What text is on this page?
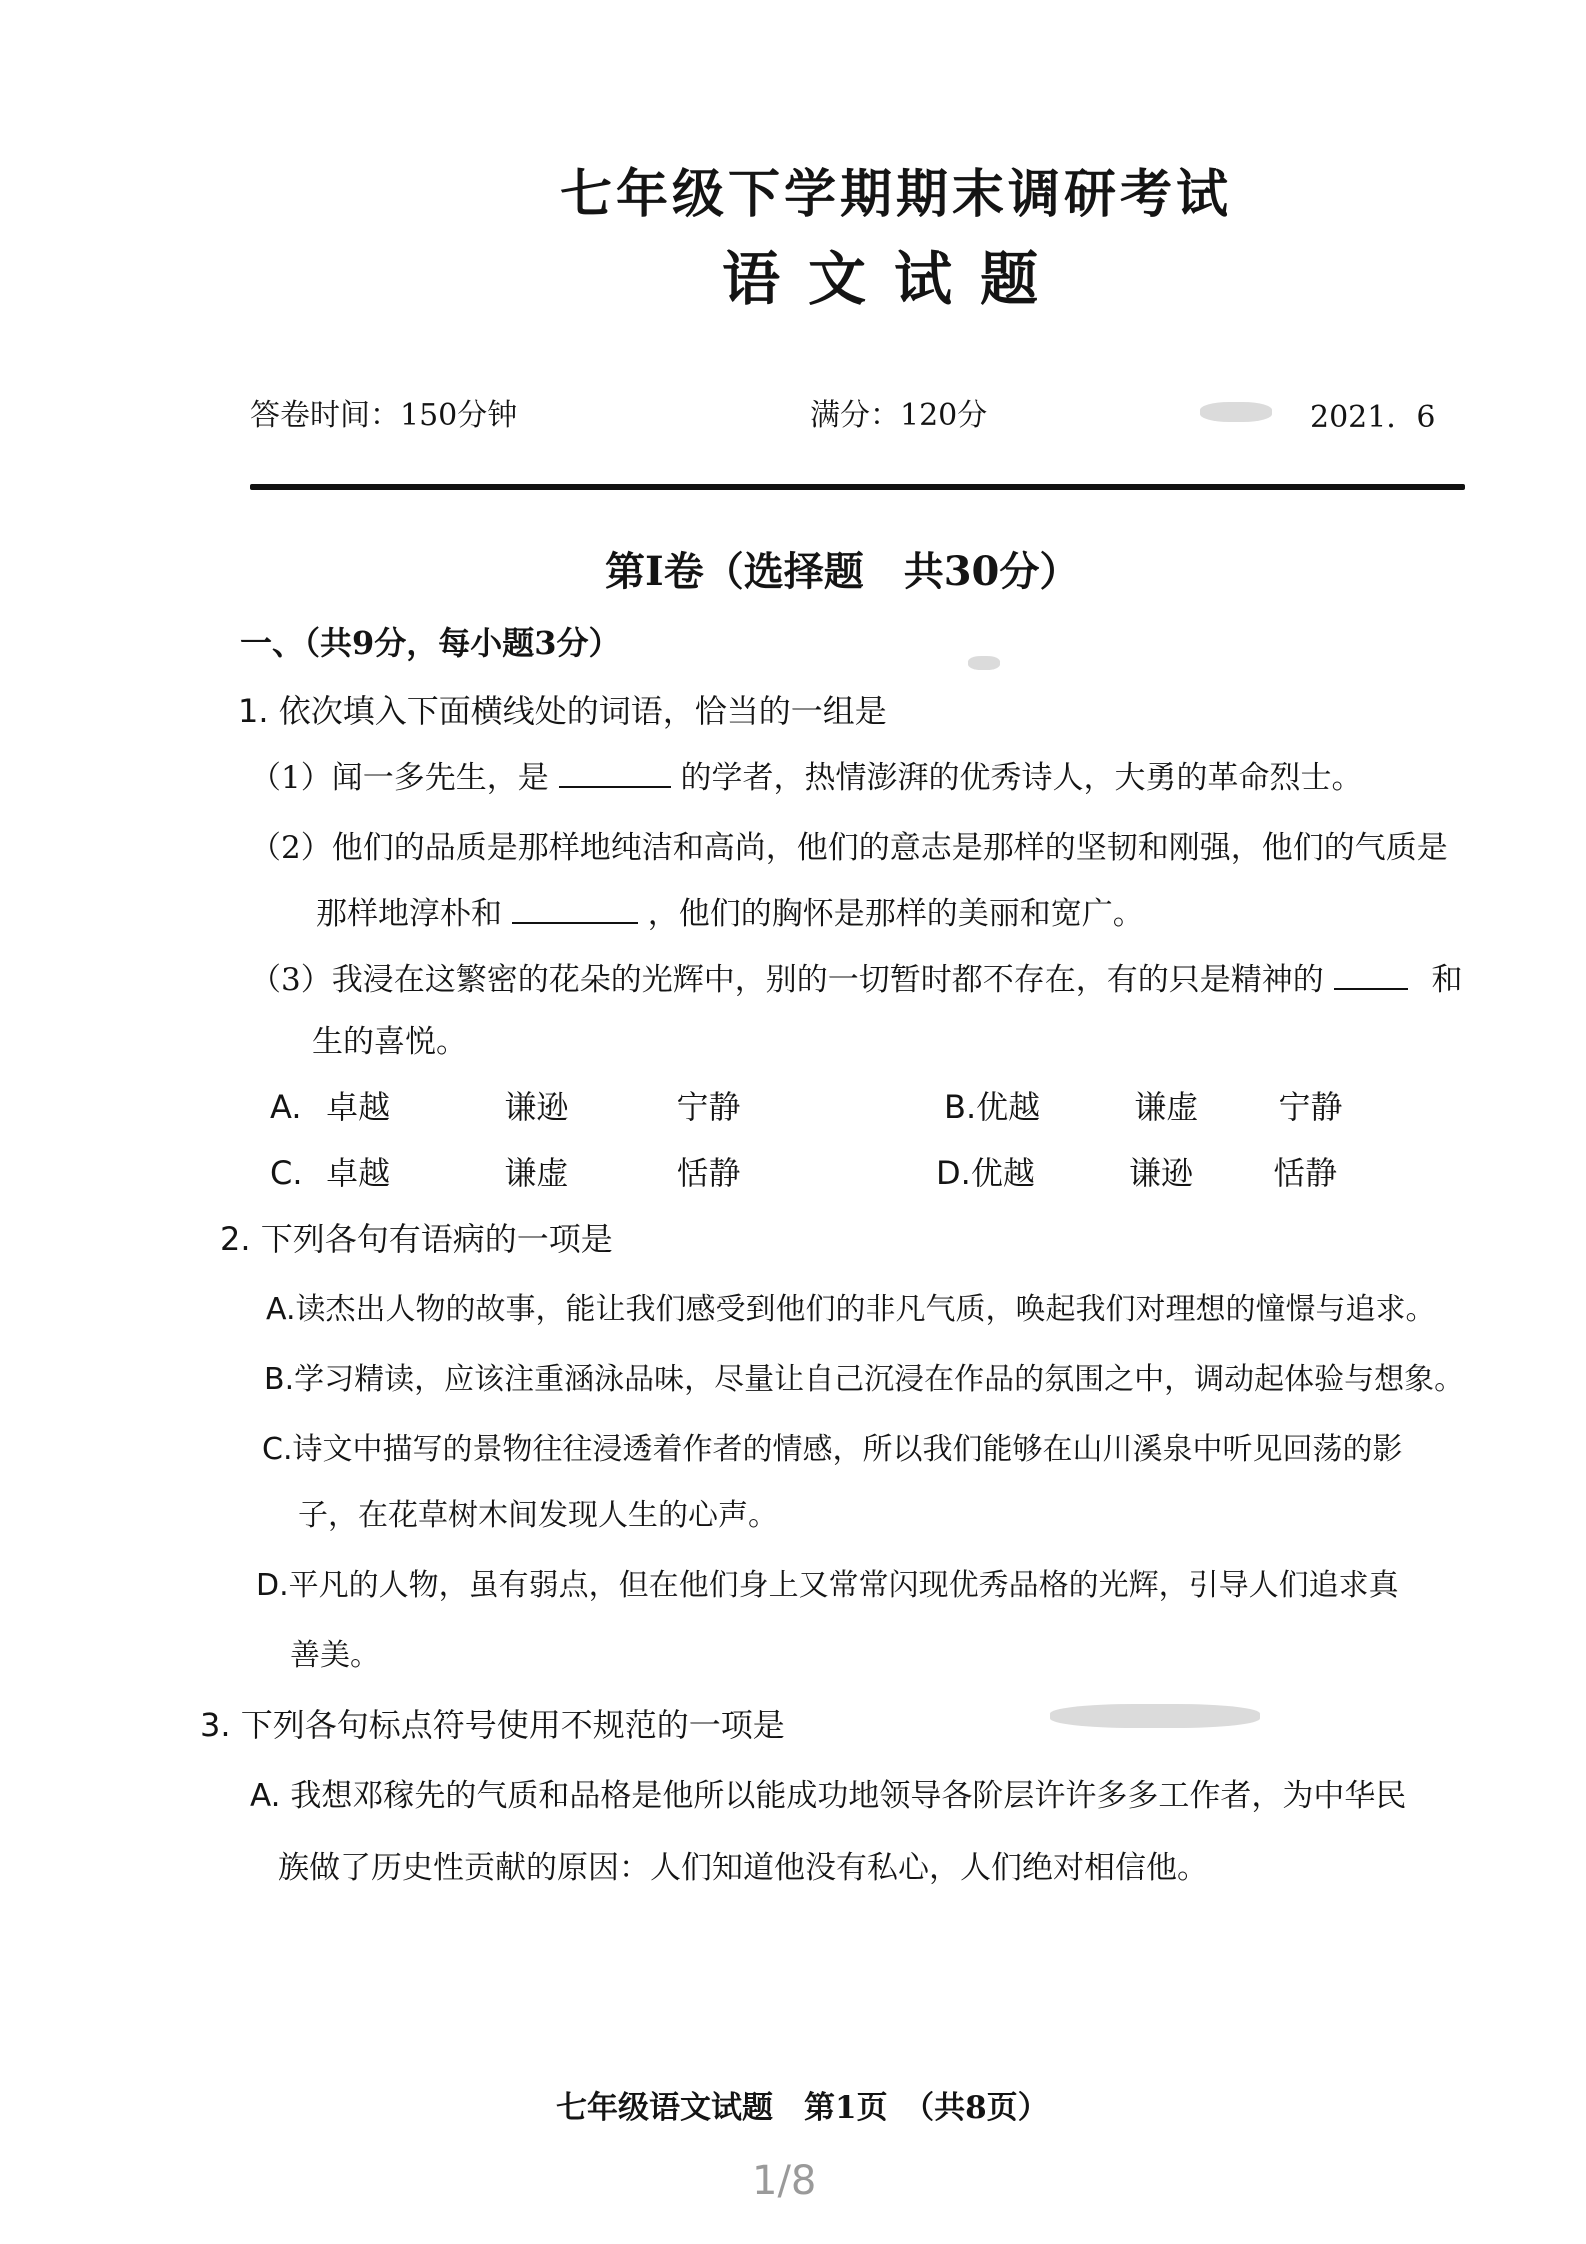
七年级下学期期末调研考试
语文试题
答卷时间：150分钟	满分：120分	2021．6
第Ⅰ卷（选择题　共30分）
一、（共9分，每小题3分）
1. 依次填入下面横线处的词语，恰当的一组是
（1）闻一多先生，是	的学者，热情澎湃的优秀诗人，大勇的革命烈士。
（2）他们的品质是那样地纯洁和高尚，他们的意志是那样的坚韧和刚强，他们的气质是
那样地淳朴和	，他们的胸怀是那样的美丽和宽广。
（3）我浸在这繁密的花朵的光辉中，别的一切暂时都不存在，有的只是精神的	和
生的喜悦。
A. 卓越	谦逊	宁静	B.优越	谦虚	宁静
C. 卓越	谦虚	恬静	D.优越	谦逊	恬静
2. 下列各句有语病的一项是
A.读杰出人物的故事，能让我们感受到他们的非凡气质，唤起我们对理想的憧憬与追求。
B.学习精读，应该注重涵泳品味，尽量让自己沉浸在作品的氛围之中，调动起体验与想象。
C.诗文中描写的景物往往浸透着作者的情感，所以我们能够在山川溪泉中听见回荡的影
子，在花草树木间发现人生的心声。
D.平凡的人物，虽有弱点，但在他们身上又常常闪现优秀品格的光辉，引导人们追求真
善美。
3. 下列各句标点符号使用不规范的一项是
A. 我想邓稼先的气质和品格是他所以能成功地领导各阶层许许多多工作者，为中华民
族做了历史性贡献的原因：人们知道他没有私心，人们绝对相信他。
七年级语文试题　第1页　（共8页）
1/8
